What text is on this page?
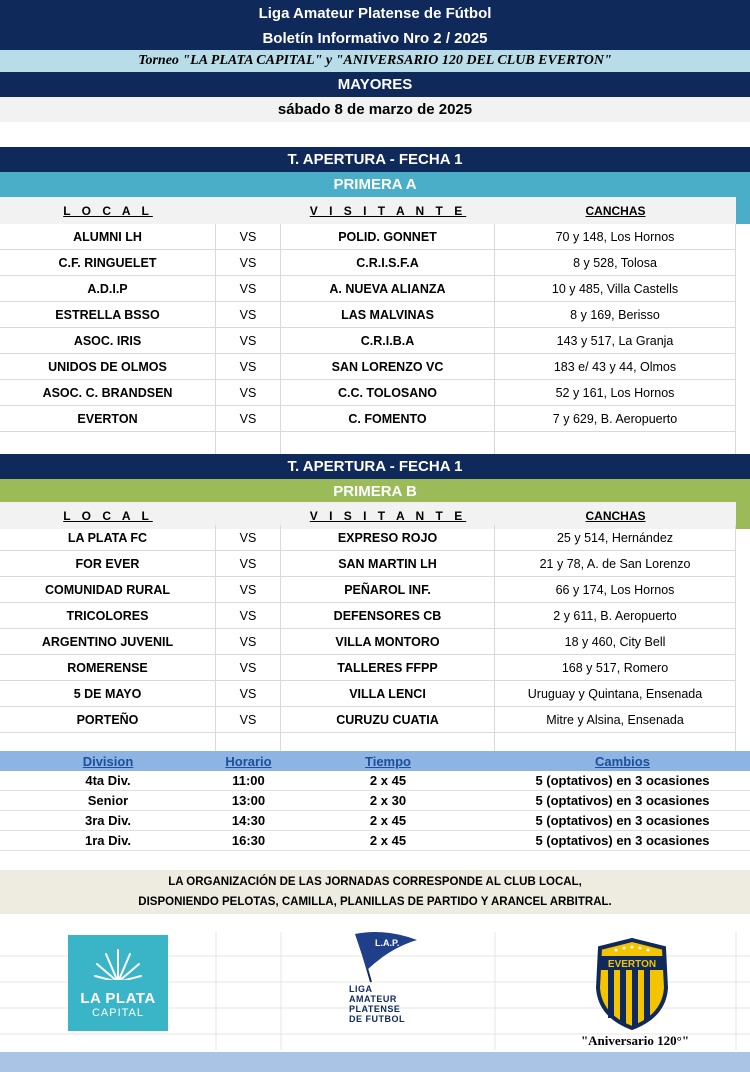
Liga Amateur Platense de Fútbol
Boletín Informativo Nro 2 / 2025
Torneo "LA PLATA CAPITAL" y "ANIVERSARIO 120 DEL CLUB EVERTON"
MAYORES
sábado 8 de marzo de 2025
T. APERTURA - FECHA 1
PRIMERA A
L O C A L	V I S I T A N T E	CANCHAS
ALUMNI LH	VS	POLID. GONNET	70 y 148, Los Hornos
C.F. RINGUELET	VS	C.R.I.S.F.A	8 y 528, Tolosa
A.D.I.P	VS	A. NUEVA ALIANZA	10 y 485, Villa Castells
ESTRELLA BSSO	VS	LAS MALVINAS	8 y 169, Berisso
ASOC. IRIS	VS	C.R.I.B.A	143 y 517, La Granja
UNIDOS DE OLMOS	VS	SAN LORENZO VC	183 e/ 43 y 44, Olmos
ASOC. C. BRANDSEN	VS	C.C. TOLOSANO	52 y 161, Los Hornos
EVERTON	VS	C. FOMENTO	7 y 629, B. Aeropuerto
T. APERTURA - FECHA 1
PRIMERA B
L O C A L	V I S I T A N T E	CANCHAS
LA PLATA FC	VS	EXPRESO ROJO	25 y 514, Hernández
FOR EVER	VS	SAN MARTIN LH	21 y 78, A. de San Lorenzo
COMUNIDAD RURAL	VS	PEÑAROL INF.	66 y 174, Los Hornos
TRICOLORES	VS	DEFENSORES CB	2 y 611, B. Aeropuerto
ARGENTINO JUVENIL	VS	VILLA MONTORO	18 y 460, City Bell
ROMERENSE	VS	TALLERES FFPP	168 y 517, Romero
5 DE MAYO	VS	VILLA LENCI	Uruguay y Quintana, Ensenada
PORTEÑO	VS	CURUZU CUATIA	Mitre y Alsina, Ensenada
Division	Horario	Tiempo	Cambios
4ta Div.	11:00	2 x 45	5 (optativos) en 3 ocasiones
Senior	13:00	2 x 30	5 (optativos) en 3 ocasiones
3ra Div.	14:30	2 x 45	5 (optativos) en 3 ocasiones
1ra Div.	16:30	2 x 45	5 (optativos) en 3 ocasiones
LA ORGANIZACIÓN DE LAS JORNADAS CORRESPONDE AL CLUB LOCAL,
DISPONIENDO PELOTAS, CAMILLA, PLANILLAS DE PARTIDO Y ARANCEL ARBITRAL.
LA PLATA
CAPITAL
L.A.P.
LIGA
AMATEUR
PLATENSE
DE FUTBOL
EVERTON
"Aniversario 120°"
